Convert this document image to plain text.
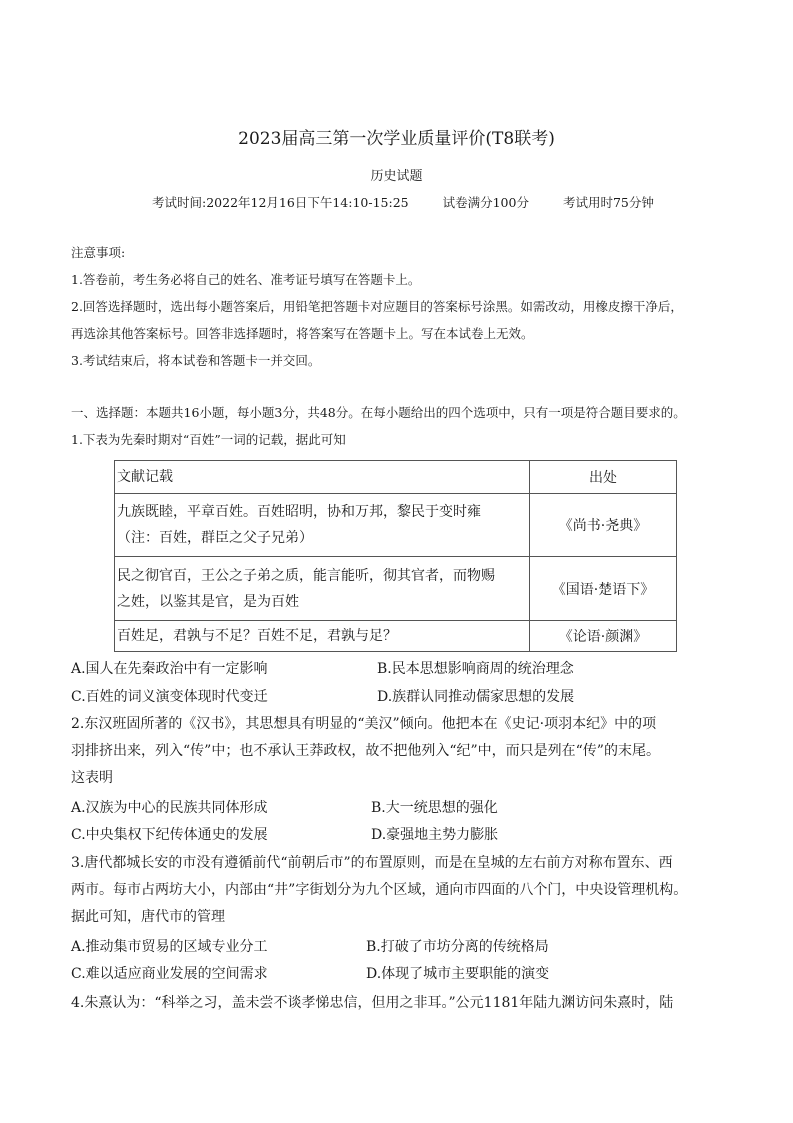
2023届高三第一次学业质量评价(T8联考)
历史试题
考试时间:2022年12月16日下午14:10-15:25	试卷满分100分	考试用时75分钟
注意事项:
1.答卷前，考生务必将自己的姓名、准考证号填写在答题卡上。
2.回答选择题时，选出每小题答案后，用铅笔把答题卡对应题目的答案标号涂黑。如需改动，用橡皮擦干净后，
再选涂其他答案标号。回答非选择题时，将答案写在答题卡上。写在本试卷上无效。
3.考试结束后，将本试卷和答题卡一并交回。
一、选择题：本题共16小题，每小题3分，共48分。在每小题给出的四个选项中，只有一项是符合题目要求的。
1.下表为先秦时期对“百姓”一词的记载，据此可知
文献记载	出处

九族既睦，平章百姓。百姓昭明，协和万邦，黎民于变时雍
（注：百姓，群臣之父子兄弟）	《尚书·尧典》

民之彻官百，王公之子弟之质，能言能听，彻其官者，而物赐
之姓，以鉴其是官，是为百姓	《国语·楚语下》
百姓足，君孰与不足？百姓不足，君孰与足？	《论语·颜渊》
A.国人在先秦政治中有一定影响	B.民本思想影响商周的统治理念
C.百姓的词义演变体现时代变迁	D.族群认同推动儒家思想的发展
2.东汉班固所著的《汉书》，其思想具有明显的“美汉”倾向。他把本在《史记·项羽本纪》中的项
羽排挤出来，列入“传”中；也不承认王莽政权，故不把他列入“纪”中，而只是列在“传”的末尾。
这表明
A.汉族为中心的民族共同体形成	B.大一统思想的强化
C.中央集权下纪传体通史的发展	D.豪强地主势力膨胀
3.唐代都城长安的市没有遵循前代“前朝后市”的布置原则，而是在皇城的左右前方对称布置东、西
两市。每市占两坊大小，内部由“井”字街划分为九个区域，通向市四面的八个门，中央设管理机构。
据此可知，唐代市的管理
A.推动集市贸易的区域专业分工	B.打破了市坊分离的传统格局
C.难以适应商业发展的空间需求	D.体现了城市主要职能的演变
4.朱熹认为：“科举之习，盖未尝不谈孝悌忠信，但用之非耳。”公元1181年陆九渊访问朱熹时，陆
